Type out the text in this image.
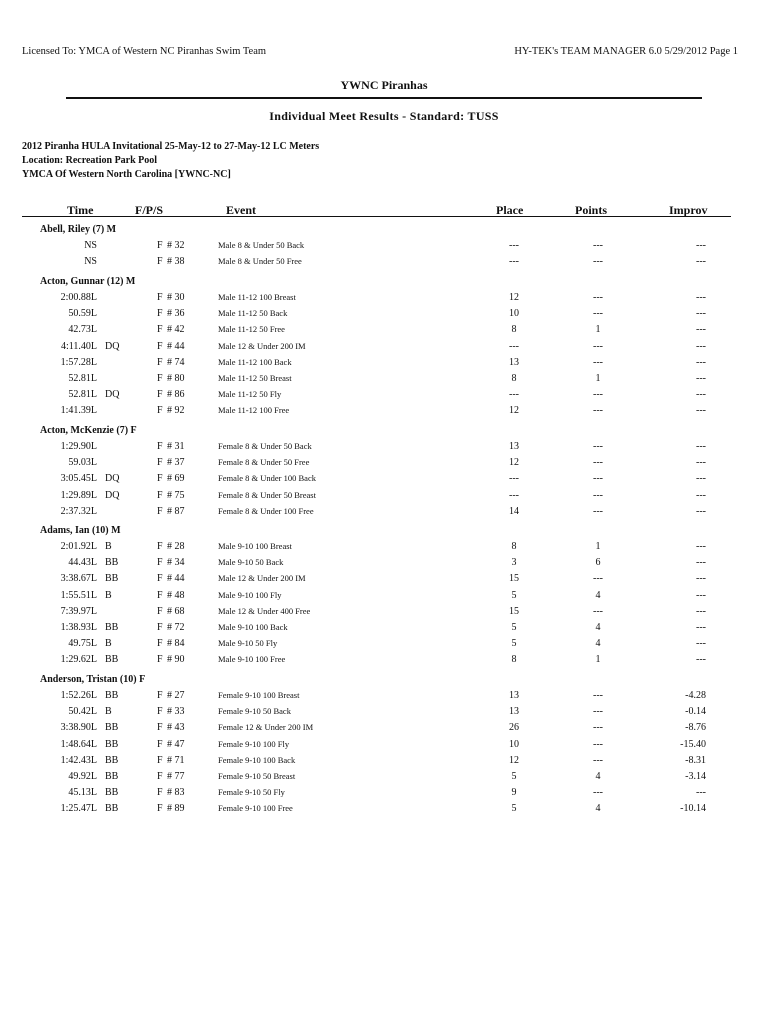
Licensed To: YMCA of Western NC Piranhas Swim Team	HY-TEK's TEAM MANAGER 6.0 5/29/2012 Page 1
YWNC Piranhas
Individual Meet Results - Standard: TUSS
2012 Piranha HULA Invitational 25-May-12 to 27-May-12 LC Meters
Location: Recreation Park Pool
YMCA Of Western North Carolina [YWNC-NC]
Time	F/P/S	Event	Place	Points	Improv
Abell, Riley (7) M
NS	F # 32	Male 8 & Under 50 Back	---	---	---
NS	F # 38	Male 8 & Under 50 Free	---	---	---
Acton, Gunnar (12) M
2:00.88L	F # 30	Male 11-12 100 Breast	12	---	---
50.59L	F # 36	Male 11-12 50 Back	10	---	---
42.73L	F # 42	Male 11-12 50 Free	8	1	---
4:11.40L DQ	F # 44	Male 12 & Under 200 IM	---	---	---
1:57.28L	F # 74	Male 11-12 100 Back	13	---	---
52.81L	F # 80	Male 11-12 50 Breast	8	1	---
52.81L DQ	F # 86	Male 11-12 50 Fly	---	---	---
1:41.39L	F # 92	Male 11-12 100 Free	12	---	---
Acton, McKenzie (7) F
1:29.90L	F # 31	Female 8 & Under 50 Back	13	---	---
59.03L	F # 37	Female 8 & Under 50 Free	12	---	---
3:05.45L DQ	F # 69	Female 8 & Under 100 Back	---	---	---
1:29.89L DQ	F # 75	Female 8 & Under 50 Breast	---	---	---
2:37.32L	F # 87	Female 8 & Under 100 Free	14	---	---
Adams, Ian (10) M
2:01.92L B	F # 28	Male 9-10 100 Breast	8	1	---
44.43L BB	F # 34	Male 9-10 50 Back	3	6	---
3:38.67L BB	F # 44	Male 12 & Under 200 IM	15	---	---
1:55.51L B	F # 48	Male 9-10 100 Fly	5	4	---
7:39.97L	F # 68	Male 12 & Under 400 Free	15	---	---
1:38.93L BB	F # 72	Male 9-10 100 Back	5	4	---
49.75L B	F # 84	Male 9-10 50 Fly	5	4	---
1:29.62L BB	F # 90	Male 9-10 100 Free	8	1	---
Anderson, Tristan (10) F
1:52.26L BB	F # 27	Female 9-10 100 Breast	13	---	-4.28
50.42L B	F # 33	Female 9-10 50 Back	13	---	-0.14
3:38.90L BB	F # 43	Female 12 & Under 200 IM	26	---	-8.76
1:48.64L BB	F # 47	Female 9-10 100 Fly	10	---	-15.40
1:42.43L BB	F # 71	Female 9-10 100 Back	12	---	-8.31
49.92L BB	F # 77	Female 9-10 50 Breast	5	4	-3.14
45.13L BB	F # 83	Female 9-10 50 Fly	9	---	---
1:25.47L BB	F # 89	Female 9-10 100 Free	5	4	-10.14
